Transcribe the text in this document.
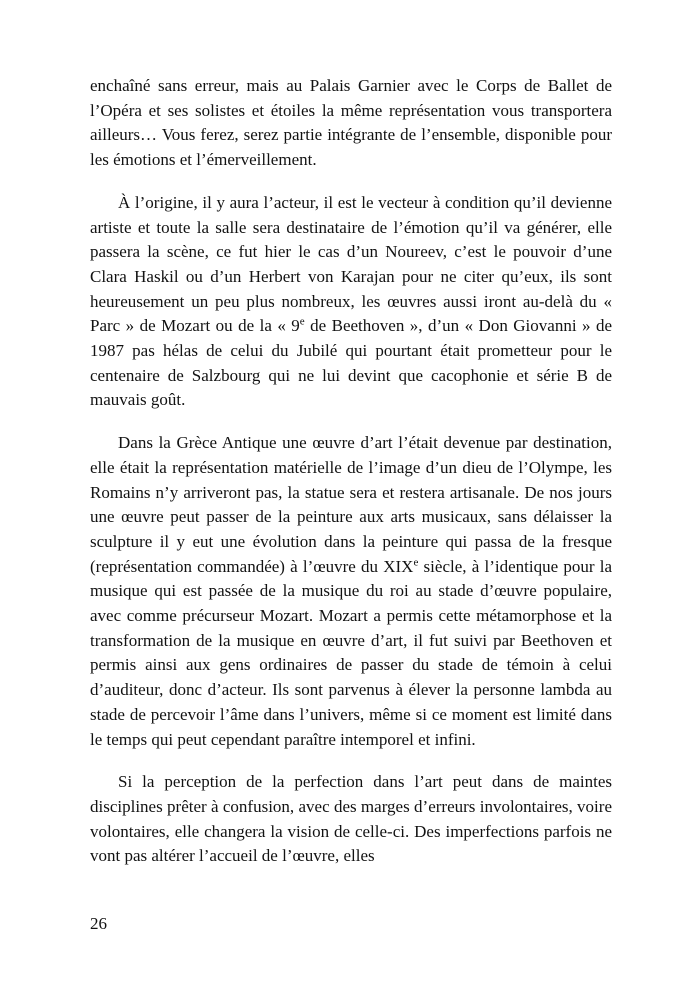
enchaîné sans erreur, mais au Palais Garnier avec le Corps de Ballet de l’Opéra et ses solistes et étoiles la même représentation vous transportera ailleurs… Vous ferez, serez partie intégrante de l’ensemble, disponible pour les émotions et l’émerveillement.

À l’origine, il y aura l’acteur, il est le vecteur à condition qu’il devienne artiste et toute la salle sera destinataire de l’émotion qu’il va générer, elle passera la scène, ce fut hier le cas d’un Noureev, c’est le pouvoir d’une Clara Haskil ou d’un Herbert von Karajan pour ne citer qu’eux, ils sont heureusement un peu plus nombreux, les œuvres aussi iront au-delà du « Parc » de Mozart ou de la « 9e de Beethoven », d’un « Don Giovanni » de 1987 pas hélas de celui du Jubilé qui pourtant était prometteur pour le centenaire de Salzbourg qui ne lui devint que cacophonie et série B de mauvais goût.

Dans la Grèce Antique une œuvre d’art l’était devenue par destination, elle était la représentation matérielle de l’image d’un dieu de l’Olympe, les Romains n’y arriveront pas, la statue sera et restera artisanale. De nos jours une œuvre peut passer de la peinture aux arts musicaux, sans délaisser la sculpture il y eut une évolution dans la peinture qui passa de la fresque (représentation commandée) à l’œuvre du XIXe siècle, à l’identique pour la musique qui est passée de la musique du roi au stade d’œuvre populaire, avec comme précurseur Mozart. Mozart a permis cette métamorphose et la transformation de la musique en œuvre d’art, il fut suivi par Beethoven et permis ainsi aux gens ordinaires de passer du stade de témoin à celui d’auditeur, donc d’acteur. Ils sont parvenus à élever la personne lambda au stade de percevoir l’âme dans l’univers, même si ce moment est limité dans le temps qui peut cependant paraître intemporel et infini.

Si la perception de la perfection dans l’art peut dans de maintes disciplines prêter à confusion, avec des marges d’erreurs involontaires, voire volontaires, elle changera la vision de celle-ci. Des imperfections parfois ne vont pas altérer l’accueil de l’œuvre, elles

26
